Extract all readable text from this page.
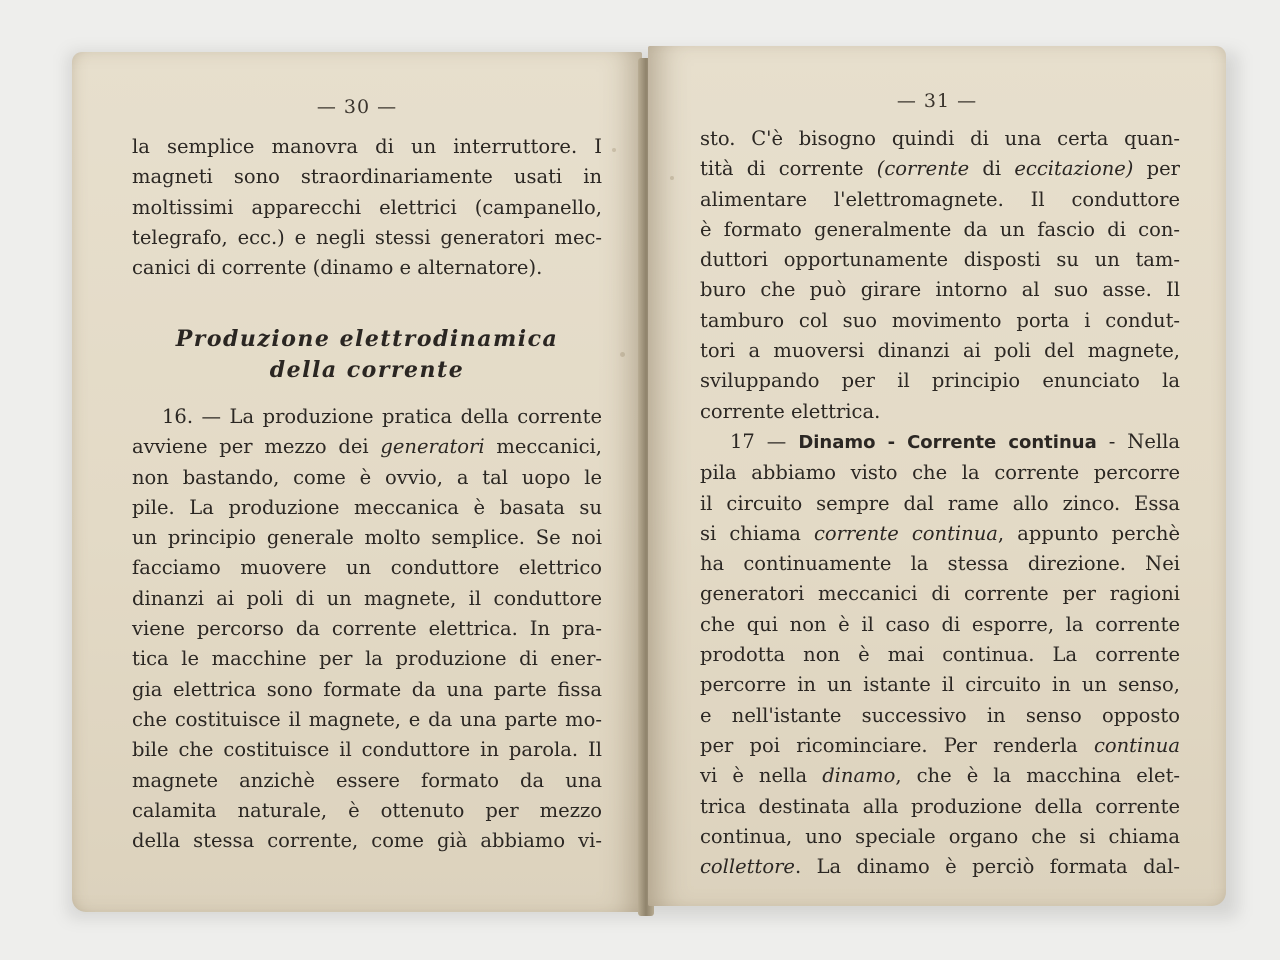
— 30 —
la semplice manovra di un interruttore. I
magneti sono straordinariamente usati in
moltissimi apparecchi elettrici (campanello,
telegrafo, ecc.) e negli stessi generatori mec-
canici di corrente (dinamo e alternatore).
Produzione elettrodinamica
della corrente
16. — La produzione pratica della corrente
avviene per mezzo dei generatori meccanici,
non bastando, come è ovvio, a tal uopo le
pile. La produzione meccanica è basata su
un principio generale molto semplice. Se noi
facciamo muovere un conduttore elettrico
dinanzi ai poli di un magnete, il conduttore
viene percorso da corrente elettrica. In pra-
tica le macchine per la produzione di ener-
gia elettrica sono formate da una parte fissa
che costituisce il magnete, e da una parte mo-
bile che costituisce il conduttore in parola. Il
magnete anzichè essere formato da una
calamita naturale, è ottenuto per mezzo
della stessa corrente, come già abbiamo vi-
— 31 —
sto. C'è bisogno quindi di una certa quan-
tità di corrente (corrente di eccitazione) per
alimentare l'elettromagnete. Il conduttore
è formato generalmente da un fascio di con-
duttori opportunamente disposti su un tam-
buro che può girare intorno al suo asse. Il
tamburo col suo movimento porta i condut-
tori a muoversi dinanzi ai poli del magnete,
sviluppando per il principio enunciato la
corrente elettrica.
17 — Dinamo - Corrente continua - Nella
pila abbiamo visto che la corrente percorre
il circuito sempre dal rame allo zinco. Essa
si chiama corrente continua, appunto perchè
ha continuamente la stessa direzione. Nei
generatori meccanici di corrente per ragioni
che qui non è il caso di esporre, la corrente
prodotta non è mai continua. La corrente
percorre in un istante il circuito in un senso,
e nell'istante successivo in senso opposto
per poi ricominciare. Per renderla continua
vi è nella dinamo, che è la macchina elet-
trica destinata alla produzione della corrente
continua, uno speciale organo che si chiama
collettore. La dinamo è perciò formata dal-
